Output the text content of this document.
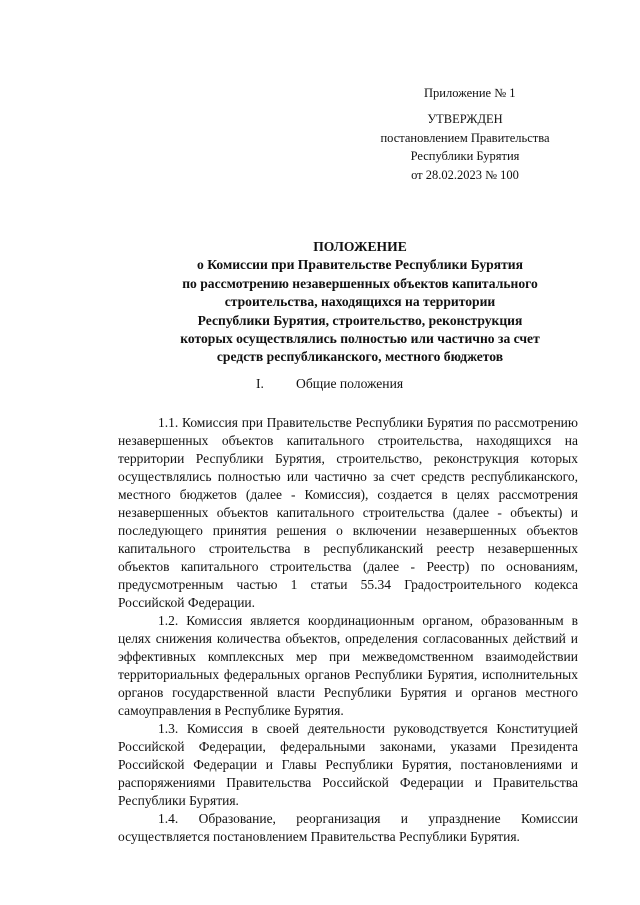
Приложение № 1
УТВЕРЖДЕН
постановлением Правительства
Республики Бурятия
от 28.02.2023 № 100
ПОЛОЖЕНИЕ
о Комиссии при Правительстве Республики Бурятия
по рассмотрению незавершенных объектов капитального
строительства, находящихся на территории
Республики Бурятия, строительство, реконструкция
которых осуществлялись полностью или частично за счет
средств республиканского, местного бюджетов
I. Общие положения

1.1. Комиссия при Правительстве Республики Бурятия по рассмотрению незавершенных объектов капитального строительства, находящихся на территории Республики Бурятия, строительство, реконструкция которых осуществлялись полностью или частично за счет средств республиканского, местного бюджетов (далее - Комиссия), создается в целях рассмотрения незавершенных объектов капитального строительства (далее - объекты) и последующего принятия решения о включении незавершенных объектов капитального строительства в республиканский реестр незавершенных объектов капитального строительства (далее - Реестр) по основаниям, предусмотренным частью 1 статьи 55.34 Градостроительного кодекса Российской Федерации.

1.2. Комиссия является координационным органом, образованным в целях снижения количества объектов, определения согласованных действий и эффективных комплексных мер при межведомственном взаимодействии территориальных федеральных органов Республики Бурятия, исполнительных органов государственной власти Республики Бурятия и органов местного самоуправления в Республике Бурятия.

1.3. Комиссия в своей деятельности руководствуется Конституцией Российской Федерации, федеральными законами, указами Президента Российской Федерации и Главы Республики Бурятия, постановлениями и распоряжениями Правительства Российской Федерации и Правительства Республики Бурятия.

1.4. Образование, реорганизация и упразднение Комиссии осуществляется постановлением Правительства Республики Бурятия.
